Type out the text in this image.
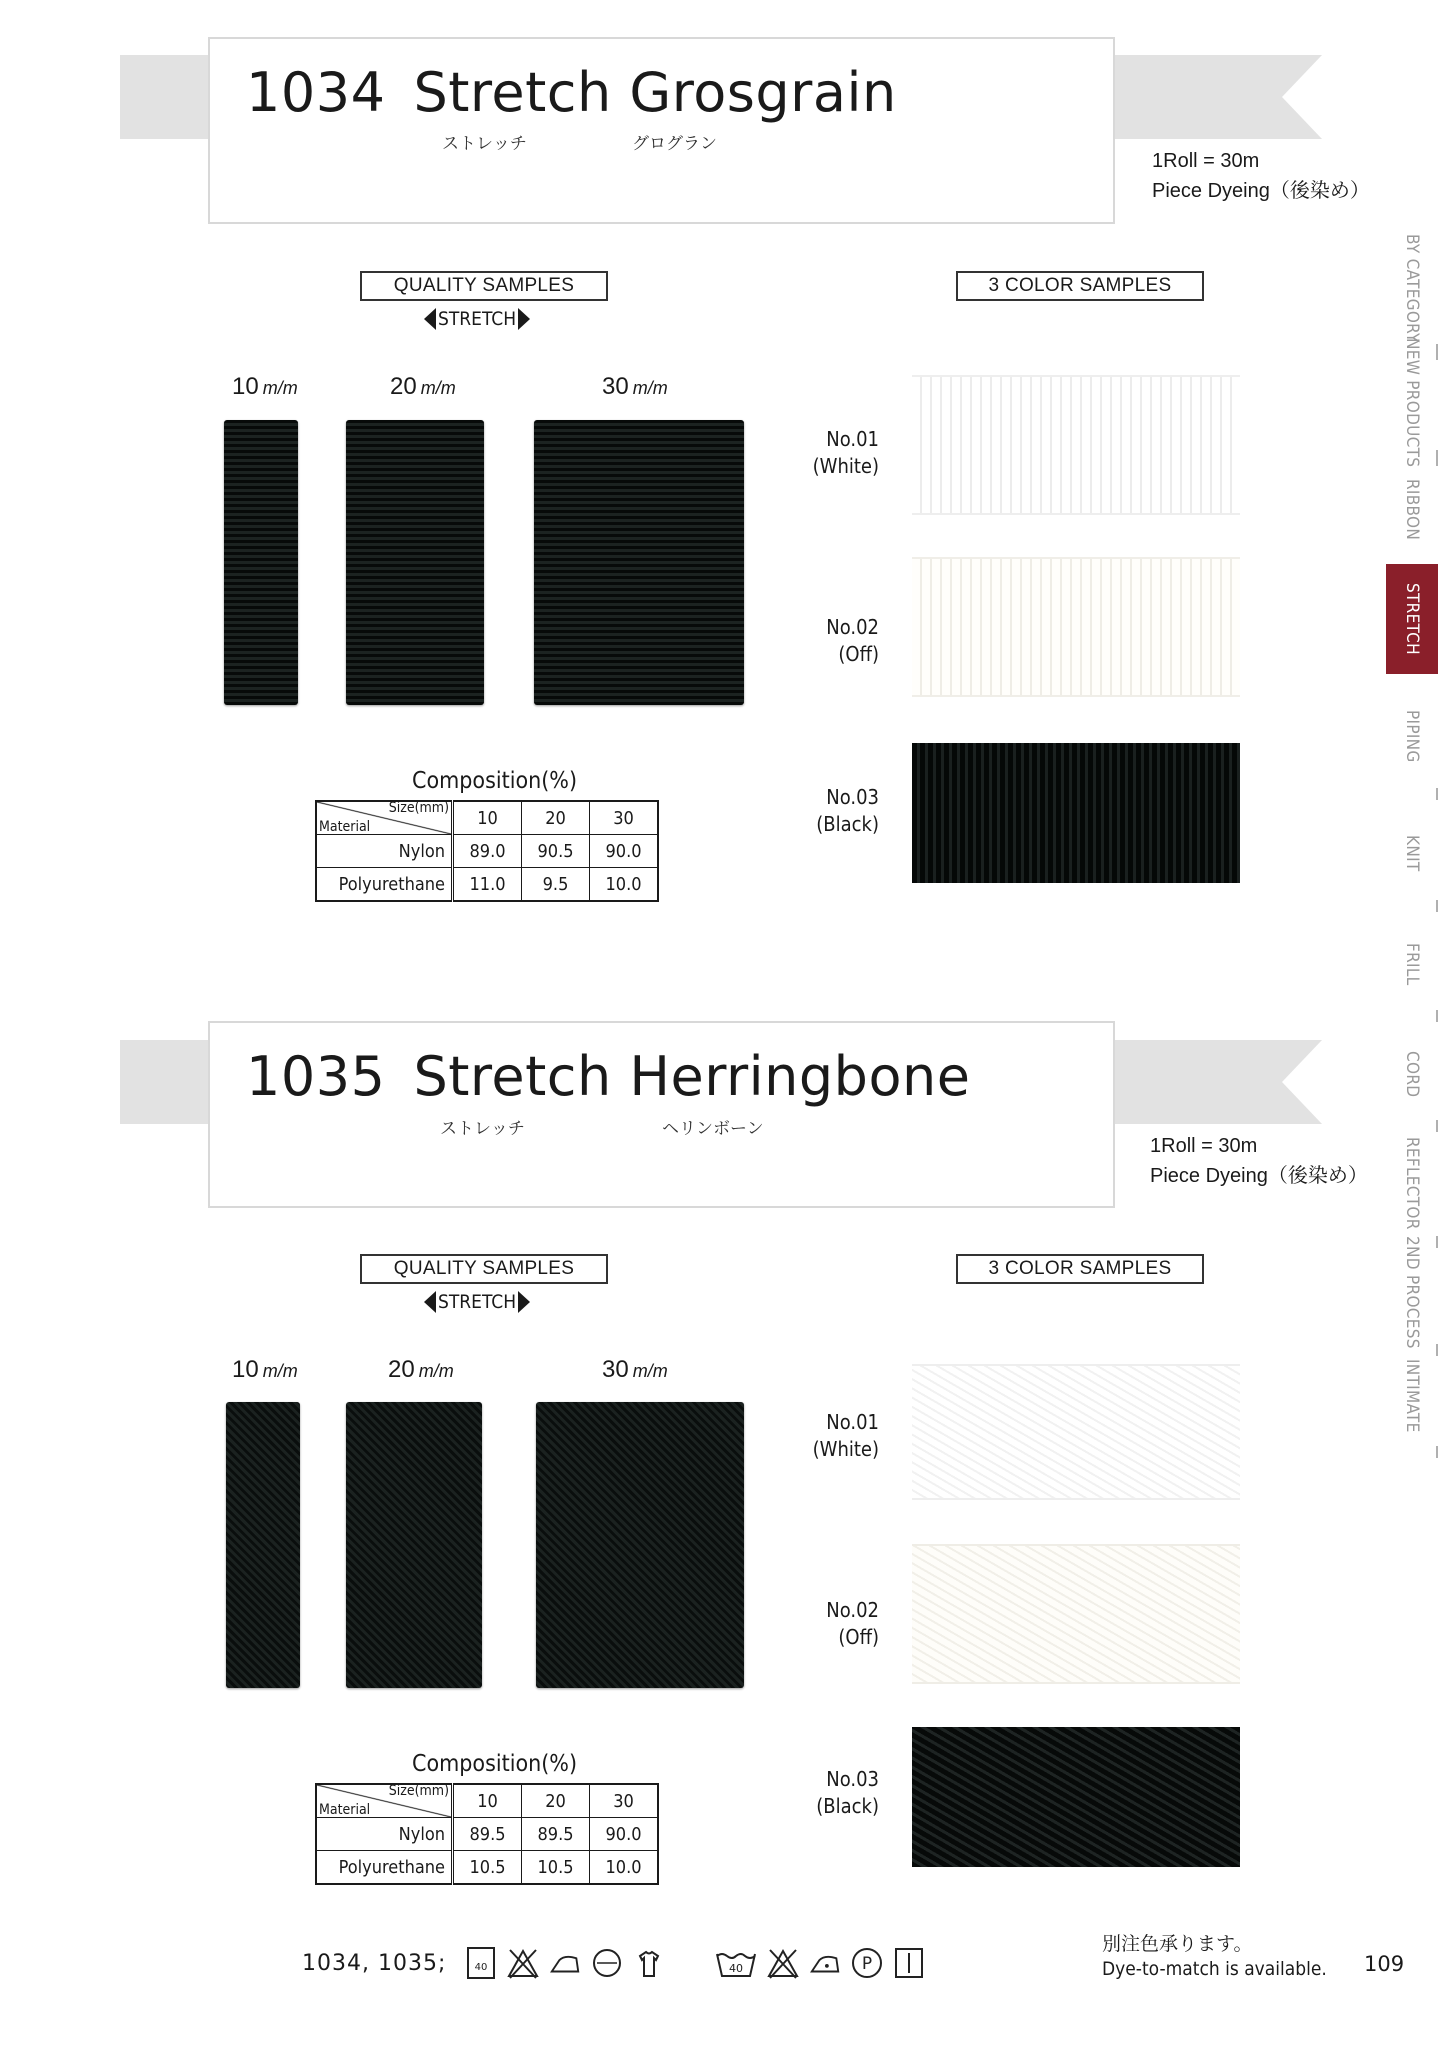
1034 Stretch Grosgrain
ストレッチ	グログラン
1Roll = 30m
Piece Dyeing（後染め）
QUALITY SAMPLES
STRETCH
3 COLOR SAMPLES
10 m/m	20 m/m	30 m/m
Composition(%)
Size(mm)
Material	10	20	30
Nylon	89.0	90.5	90.0
Polyurethane	11.0	9.5	10.0
No.01
(White)
No.02
(Off)
No.03
(Black)
1035 Stretch Herringbone
ストレッチ	ヘリンボーン
1Roll = 30m
Piece Dyeing（後染め）
QUALITY SAMPLES
STRETCH
3 COLOR SAMPLES
10 m/m	20 m/m	30 m/m
Composition(%)
Size(mm)
Material	10	20	30
Nylon	89.5	89.5	90.0
Polyurethane	10.5	10.5	10.0
No.01
(White)
No.02
(Off)
No.03
(Black)
BY CATEGORY
NEW PRODUCTS
RIBBON
STRETCH
PIPING
KNIT
FRILL
CORD
REFLECTOR
2ND PROCESS
INTIMATE
1034, 1035;	40	40	P
別注色承ります。
Dye-to-match is available. 109
